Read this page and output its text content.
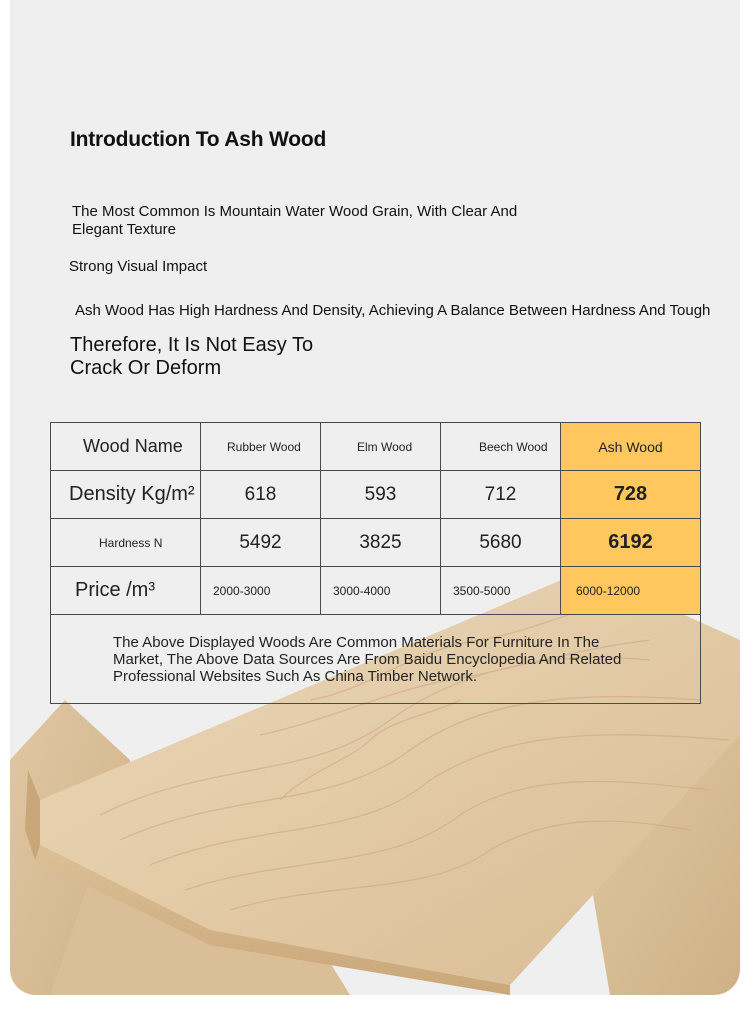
Introduction To Ash Wood

The Most Common Is Mountain Water Wood Grain, With Clear And Elegant Texture

Strong Visual Impact

Ash Wood Has High Hardness And Density, Achieving A Balance Between Hardness And Tough

Therefore, It Is Not Easy To Crack Or Deform

Wood Name	Rubber Wood	Elm Wood	Beech Wood	Ash Wood
Density Kg/m²	618	593	712	728
Hardness N	5492	3825	5680	6192
Price /m³	2000-3000	3000-4000	3500-5000	6000-12000
The Above Displayed Woods Are Common Materials For Furniture In The Market, The Above Data Sources Are From Baidu Encyclopedia And Related Professional Websites Such As China Timber Network.				
